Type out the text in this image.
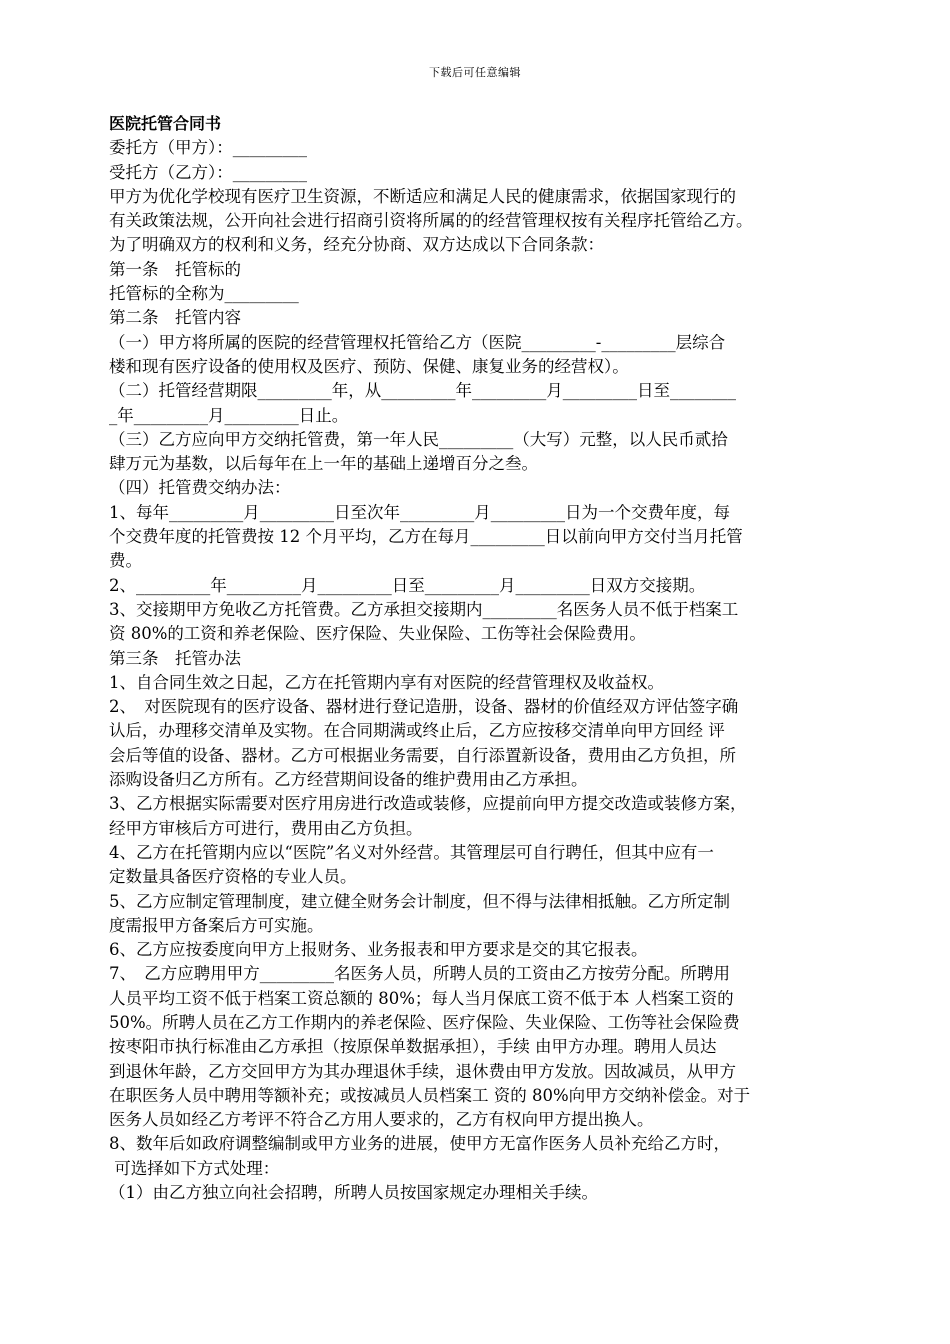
下载后可任意编辑
医院托管合同书
委托方（甲方）：_________
受托方（乙方）：_________
甲方为优化学校现有医疗卫生资源，不断适应和满足人民的健康需求，依据国家现行的
有关政策法规，公开向社会进行招商引资将所属的的经营管理权按有关程序托管给乙方。
为了明确双方的权利和义务，经充分协商、双方达成以下合同条款：
第一条　托管标的
托管标的全称为_________
第二条　托管内容
（一）甲方将所属的医院的经营管理权托管给乙方（医院_________-_________层综合
楼和现有医疗设备的使用权及医疗、预防、保健、康复业务的经营权）。
（二）托管经营期限_________年，从_________年_________月_________日至________
_年_________月_________日止。
（三）乙方应向甲方交纳托管费，第一年人民_________（大写）元整，以人民币贰拾
肆万元为基数，以后每年在上一年的基础上递增百分之叁。
（四）托管费交纳办法：
1、每年_________月_________日至次年_________月_________日为一个交费年度，每
个交费年度的托管费按 12 个月平均，乙方在每月_________日以前向甲方交付当月托管
费。
2、_________年_________月_________日至_________月_________日双方交接期。
3、交接期甲方免收乙方托管费。乙方承担交接期内_________名医务人员不低于档案工
资 80%的工资和养老保险、医疗保险、失业保险、工伤等社会保险费用。
第三条　托管办法
1、自合同生效之日起，乙方在托管期内享有对医院的经营管理权及收益权。
2、　对医院现有的医疗设备、器材进行登记造册，设备、器材的价值经双方评估签字确
认后，办理移交清单及实物。在合同期满或终止后，乙方应按移交清单向甲方回经 评
会后等值的设备、器材。乙方可根据业务需要，自行添置新设备，费用由乙方负担，所
添购设备归乙方所有。乙方经营期间设备的维护费用由乙方承担。
3、乙方根据实际需要对医疗用房进行改造或装修，应提前向甲方提交改造或装修方案，
经甲方审核后方可进行，费用由乙方负担。
4、乙方在托管期内应以“医院”名义对外经营。其管理层可自行聘任，但其中应有一
定数量具备医疗资格的专业人员。
5、乙方应制定管理制度，建立健全财务会计制度，但不得与法律相抵触。乙方所定制
度需报甲方备案后方可实施。
6、乙方应按委度向甲方上报财务、业务报表和甲方要求是交的其它报表。
7、　乙方应聘用甲方_________名医务人员，所聘人员的工资由乙方按劳分配。所聘用
人员平均工资不低于档案工资总额的 80%；每人当月保底工资不低于本 人档案工资的
50%。所聘人员在乙方工作期内的养老保险、医疗保险、失业保险、工伤等社会保险费
按枣阳市执行标准由乙方承担（按原保单数据承担），手续 由甲方办理。聘用人员达
到退休年龄，乙方交回甲方为其办理退休手续，退休费由甲方发放。因故减员，从甲方
在职医务人员中聘用等额补充；或按减员人员档案工 资的 80%向甲方交纳补偿金。对于
医务人员如经乙方考评不符合乙方用人要求的，乙方有权向甲方提出换人。
8、数年后如政府调整编制或甲方业务的进展，使甲方无富作医务人员补充给乙方时，
可选择如下方式处理：
（1）由乙方独立向社会招聘，所聘人员按国家规定办理相关手续。
